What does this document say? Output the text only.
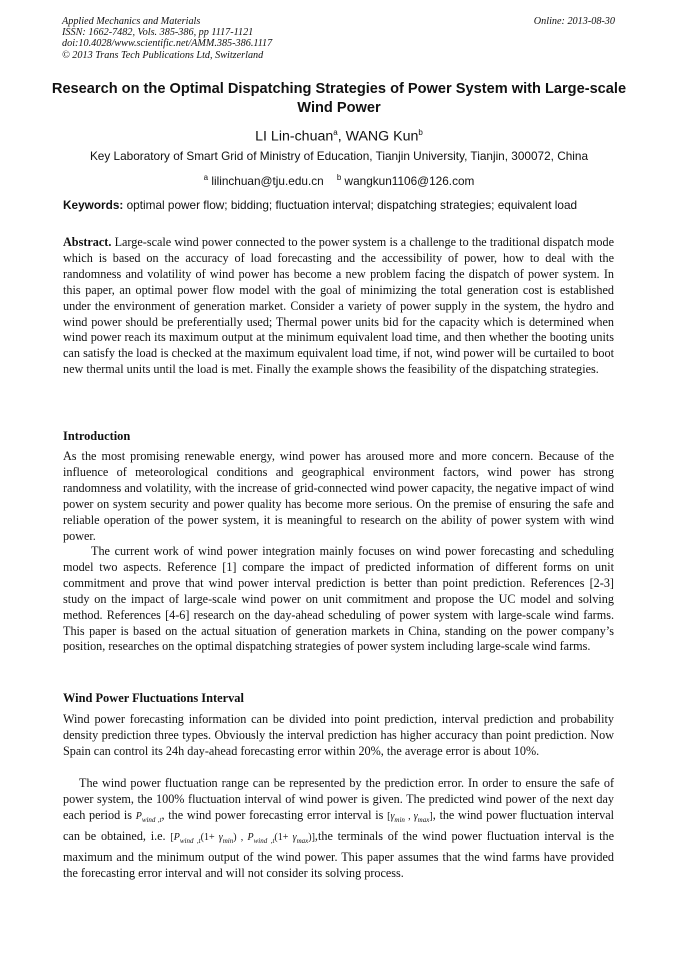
Applied Mechanics and Materials
ISSN: 1662-7482, Vols. 385-386, pp 1117-1121
doi:10.4028/www.scientific.net/AMM.385-386.1117
© 2013 Trans Tech Publications Ltd, Switzerland
Online: 2013-08-30
Research on the Optimal Dispatching Strategies of Power System with Large-scale Wind Power
LI Lin-chuan$^a$, WANG Kun$^b$
Key Laboratory of Smart Grid of Ministry of Education, Tianjin University, Tianjin, 300072, China
$^a$ lilinchuan@tju.edu.cn $^b$ wangkun1106@126.com
Keywords: optimal power flow; bidding; fluctuation interval; dispatching strategies; equivalent load
Abstract. Large-scale wind power connected to the power system is a challenge to the traditional dispatch mode which is based on the accuracy of load forecasting and the accessibility of power, how to deal with the randomness and volatility of wind power has become a new problem facing the dispatch of power system. In this paper, an optimal power flow model with the goal of minimizing the total generation cost is established under the environment of generation market. Consider a variety of power supply in the system, the hydro and wind power should be preferentially used; Thermal power units bid for the capacity which is determined when wind power reach its maximum output at the minimum equivalent load time, and then whether the booting units can satisfy the load is checked at the maximum equivalent load time, if not, wind power will be curtailed to boot new thermal units until the load is met. Finally the example shows the feasibility of the dispatching strategies.
Introduction
As the most promising renewable energy, wind power has aroused more and more concern. Because of the influence of meteorological conditions and geographical environment factors, wind power has strong randomness and volatility, with the increase of grid-connected wind power capacity, the negative impact of wind power on system security and power quality has become more serious. On the premise of ensuring the safe and reliable operation of the power system, it is meaningful to research on the ability of power system with wind power.
The current work of wind power integration mainly focuses on wind power forecasting and scheduling model two aspects. Reference [1] compare the impact of predicted information of different forms on unit commitment and prove that wind power interval prediction is better than point prediction. References [2-3] study on the impact of large-scale wind power on unit commitment and propose the UC model and solving method. References [4-6] research on the day-ahead scheduling of power system with large-scale wind farms. This paper is based on the actual situation of generation markets in China, standing on the power company’s position, researches on the optimal dispatching strategies of power system including large-scale wind farms.
Wind Power Fluctuations Interval
Wind power forecasting information can be divided into point prediction, interval prediction and probability density prediction three types. Obviously the interval prediction has higher accuracy than point prediction. Now Spain can control its 24h day-ahead forecasting error within 20%, the average error is about 10%.
The wind power fluctuation range can be represented by the prediction error. In order to ensure the safe of power system, the 100% fluctuation interval of wind power is given. The predicted wind power of the next day each period is $P_{wind ,t}$, the wind power forecasting error interval is [$\gamma_{min}$ , $\gamma_{max}$], the wind power fluctuation interval can be obtained, i.e. [$P_{wind ,t}(1+ \gamma_{min})$ , $P_{wind ,t}(1+ \gamma_{max})],the$ terminals of the wind power fluctuation interval is the maximum and the minimum output of the wind power. This paper assumes that the wind farms have provided the forecasting error interval and will not consider its solving process.
